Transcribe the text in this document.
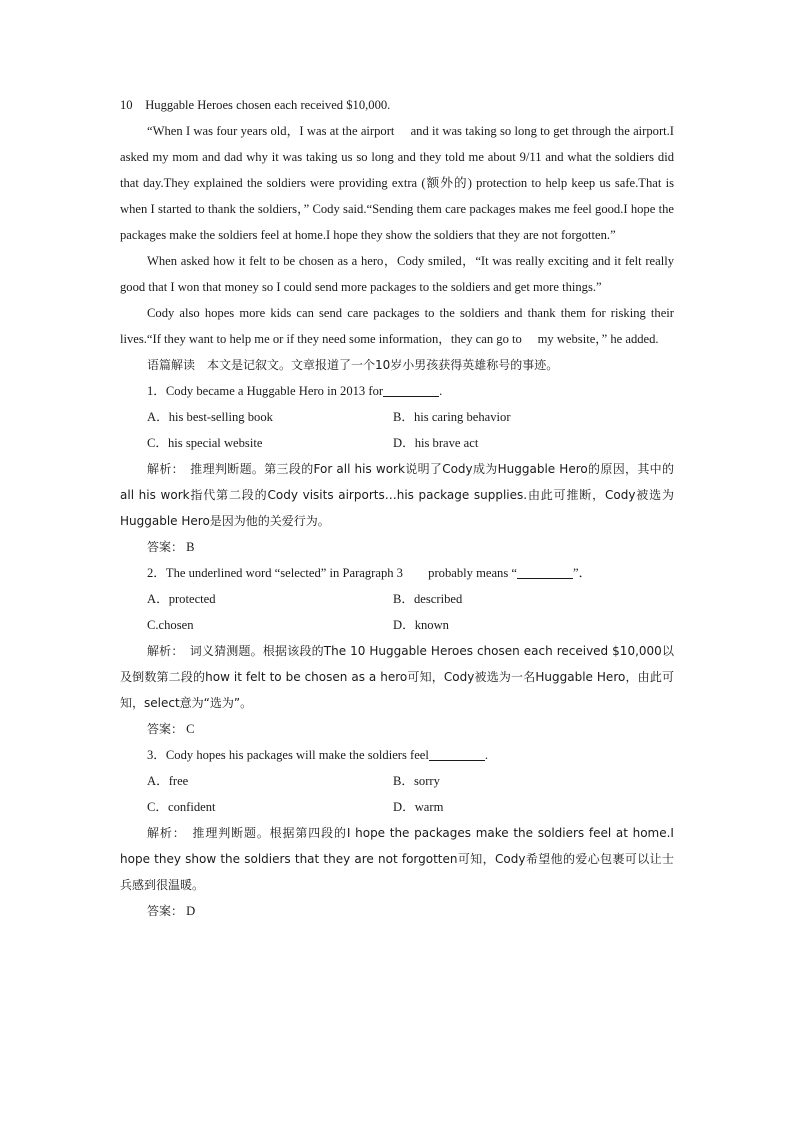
10　Huggable Heroes chosen each received $10,000.

“When I was four years old，I was at the airport　 and it was taking so long to get through the airport.I asked my mom and dad why it was taking us so long and they told me about 9/11 and what the soldiers did that day.They explained the soldiers were providing extra (额外的) protection to help keep us safe.That is when I started to thank the soldiers，” Cody said.“Sending them care packages makes me feel good.I hope the packages make the soldiers feel at home.I hope they show the soldiers that they are not forgotten.”

When asked how it felt to be chosen as a hero，Cody smiled，“It was really exciting and it felt really good that I won that money so I could send more packages to the soldiers and get more things.”

Cody also hopes more kids can send care packages to the soldiers and thank them for risking their lives.“If they want to help me or if they need some information，they can go to　 my website，” he added.

语篇解读　本文是记叙文。文章报道了一个10岁小男孩获得英雄称号的事迹。

1．Cody became a Huggable Hero in 2013 for	.

A．his best-selling book	B．his caring behavior
C．his special website	D．his brave act

解析：　推理判断题。第三段的For all his work说明了Cody成为Huggable Hero的原因，其中的all his work指代第二段的Cody visits airports…his package supplies.由此可推断，Cody被选为Huggable Hero是因为他的关爱行为。

答案： B

2．The underlined word “selected” in Paragraph 3　　probably means “	”．

A．protected	B．described
C.chosen	D．known

解析：　词义猜测题。根据该段的The 10 Huggable Heroes chosen each received $10,000以及倒数第二段的how it felt to be chosen as a hero可知，Cody被选为一名Huggable Hero，由此可知，select意为“选为”。

答案： C

3．Cody hopes his packages will make the soldiers feel	.

A．free	B．sorry
C．confident	D．warm

解析：　推理判断题。根据第四段的I hope the packages make the soldiers feel at home.I hope they show the soldiers that they are not forgotten可知，Cody希望他的爱心包裹可以让士兵感到很温暖。

答案： D
